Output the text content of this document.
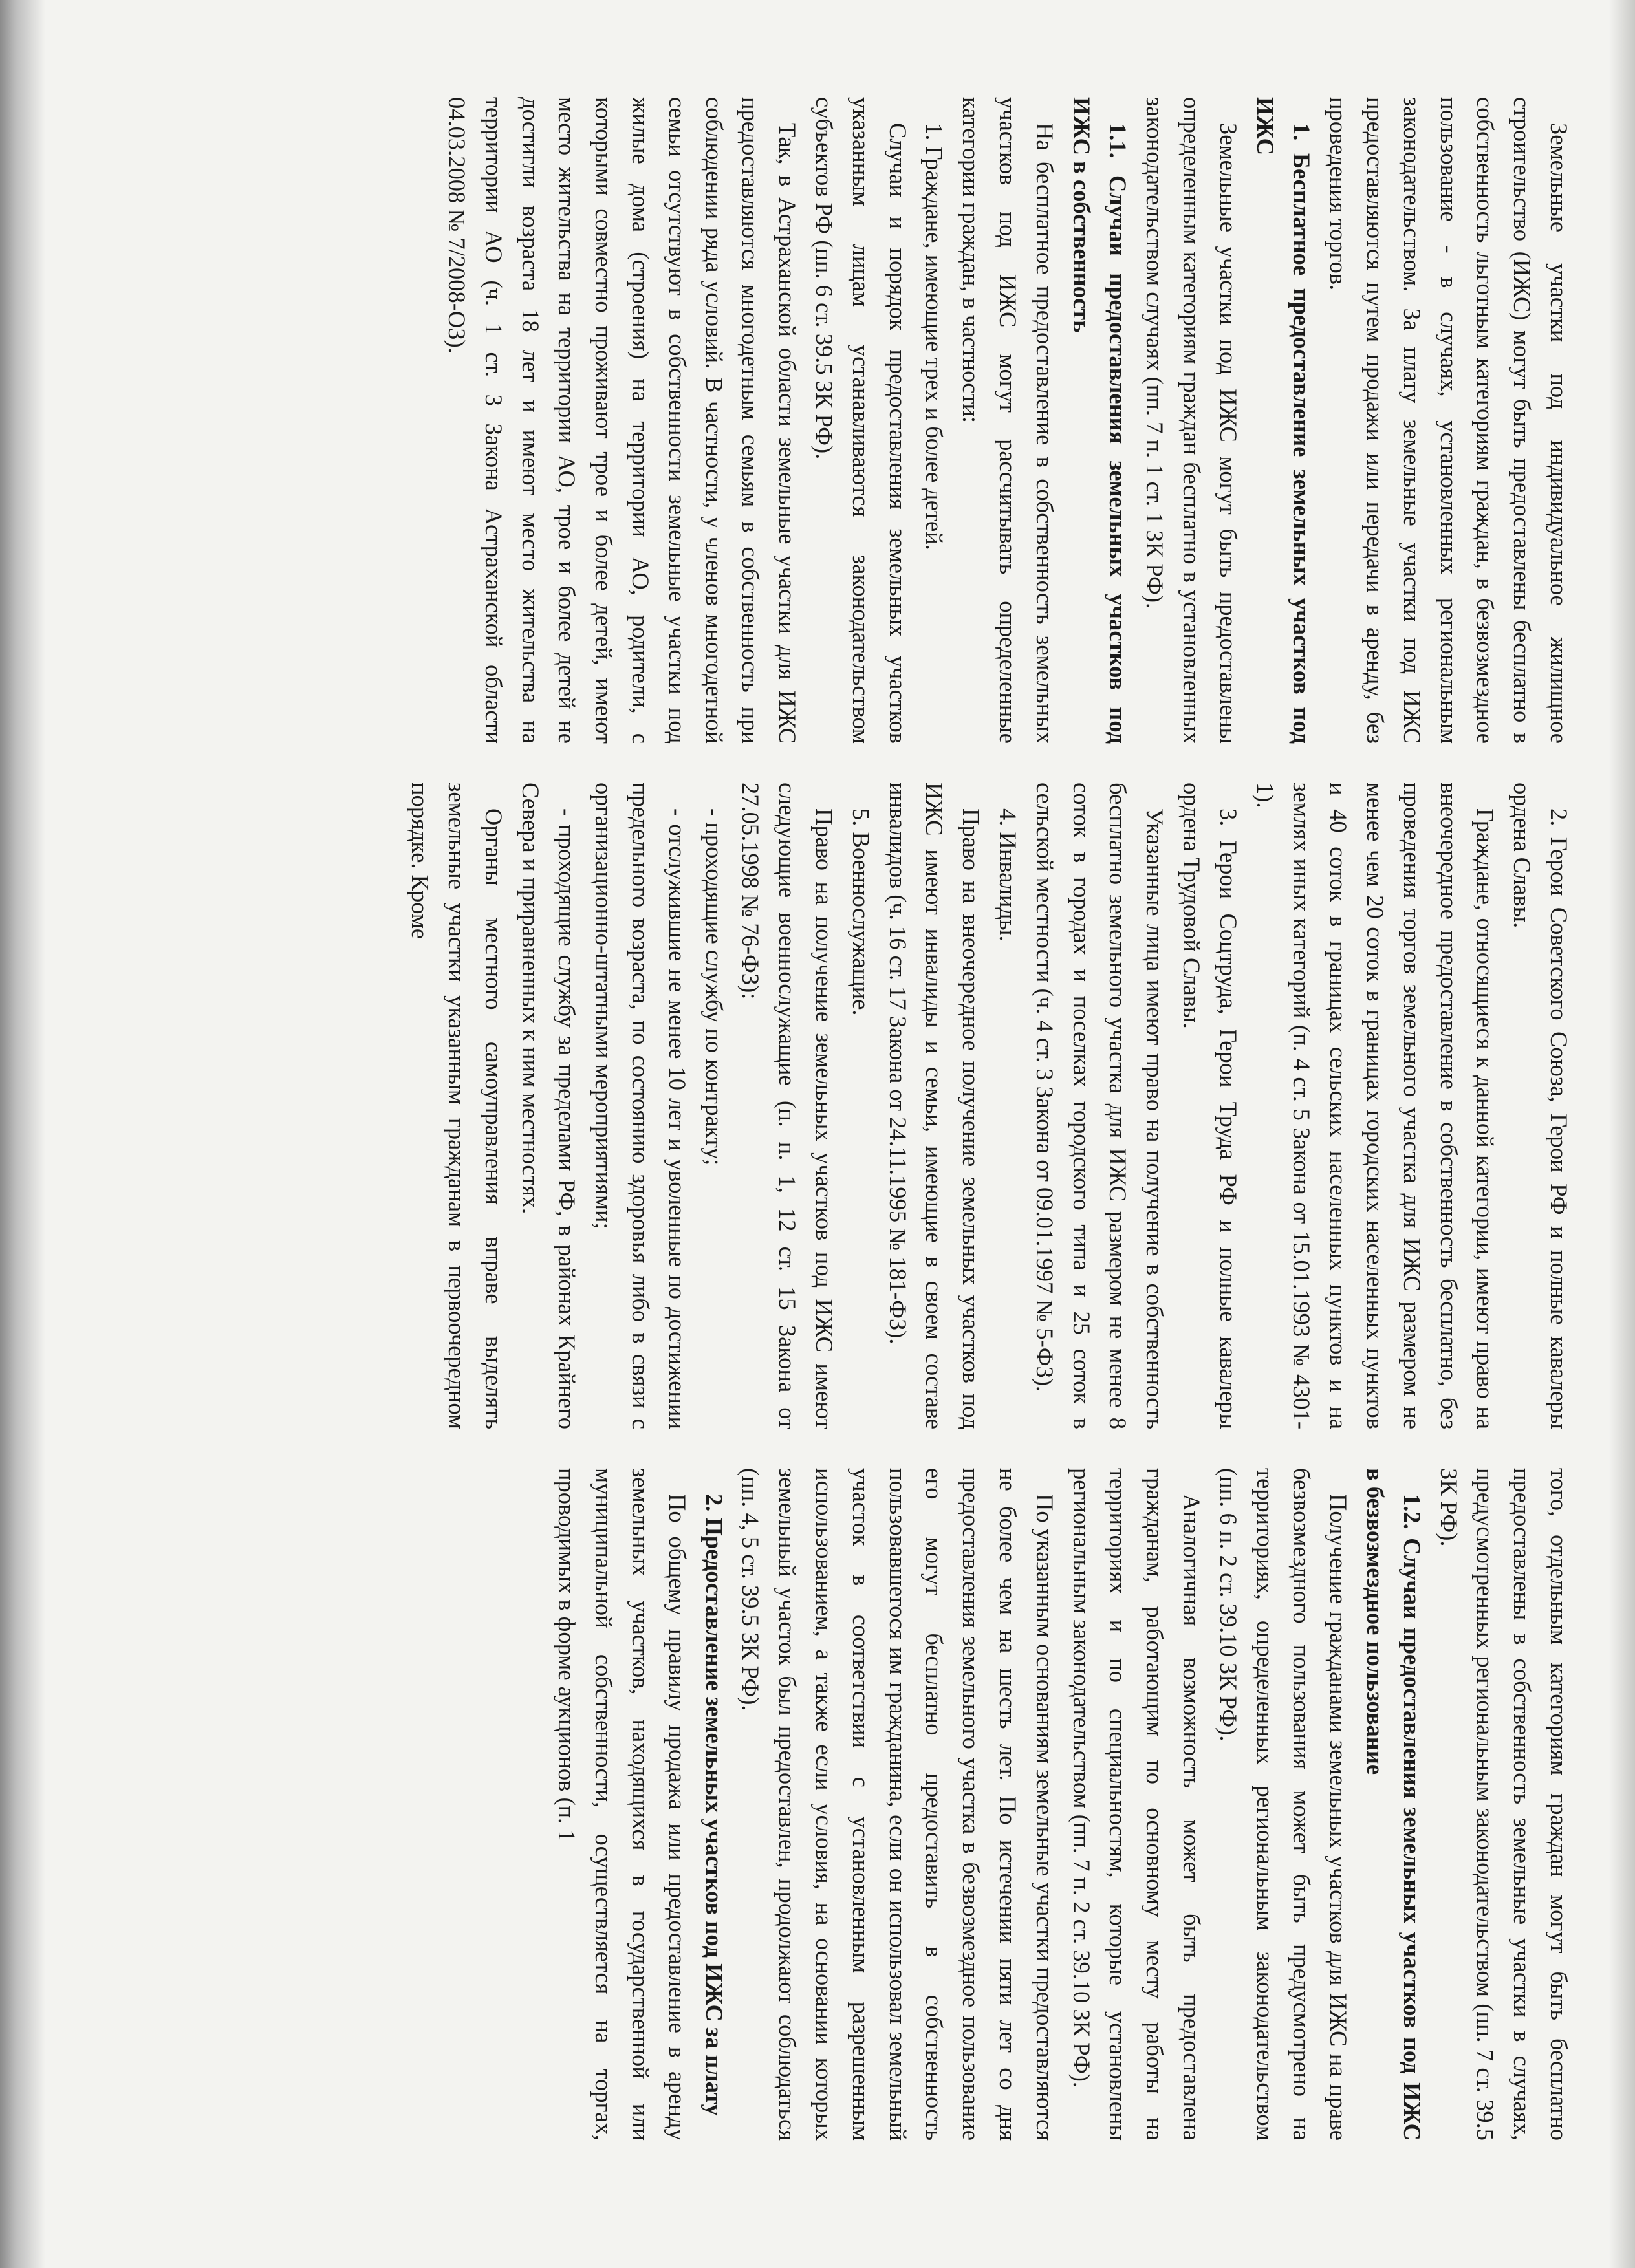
Земельные участки под индивидуальное жилищное строительство (ИЖС) могут быть предоставлены бесплатно в собственность льготным категориям граждан, в безвозмездное пользование - в случаях, установленных региональным законодательством. За плату земельные участки под ИЖС предоставляются путем продажи или передачи в аренду, без проведения торгов.

1. Бесплатное предоставление земельных участков под ИЖС

Земельные участки под ИЖС могут быть предоставлены определенным категориям граждан бесплатно в установленных законодательством случаях (пп. 7 п. 1 ст. 1 ЗК РФ).

1.1. Случаи предоставления земельных участков под ИЖС в собственность

На бесплатное предоставление в собственность земельных участков под ИЖС могут рассчитывать определенные категории граждан, в частности:

1. Граждане, имеющие трех и более детей.

Случаи и порядок предоставления земельных участков указанным лицам устанавливаются законодательством субъектов РФ (пп. 6 ст. 39.5 ЗК РФ).

Так, в Астраханской области земельные участки для ИЖС предоставляются многодетным семьям в собственность при соблюдении ряда условий. В частности, у членов многодетной семьи отсутствуют в собственности земельные участки под жилые дома (строения) на территории АО, родители, с которыми совместно проживают трое и более детей, имеют место жительства на территории АО, трое и более детей не достигли возраста 18 лет и имеют место жительства на территории АО (ч. 1 ст. 3 Закона Астраханской области 04.03.2008 № 7/2008-ОЗ).

2. Герои Советского Союза, Герои РФ и полные кавалеры ордена Славы.

Граждане, относящиеся к данной категории, имеют право на внеочередное предоставление в собственность бесплатно, без проведения торгов земельного участка для ИЖС размером не менее чем 20 соток в границах городских населенных пунктов и 40 соток в границах сельских населенных пунктов и на землях иных категорий (п. 4 ст. 5 Закона от 15.01.1993 № 4301-1).

3. Герои Соцтруда, Герои Труда РФ и полные кавалеры ордена Трудовой Славы.

Указанные лица имеют право на получение в собственность бесплатно земельного участка для ИЖС размером не менее 8 соток в городах и поселках городского типа и 25 соток в сельской местности (ч. 4 ст. 3 Закона от 09.01.1997 № 5-ФЗ).

4. Инвалиды.

Право на внеочередное получение земельных участков под ИЖС имеют инвалиды и семьи, имеющие в своем составе инвалидов (ч. 16 ст. 17 Закона от 24.11.1995 № 181-ФЗ).

5. Военнослужащие.

Право на получение земельных участков под ИЖС имеют следующие военнослужащие (п. п. 1, 12 ст. 15 Закона от 27.05.1998 № 76-ФЗ):

- проходящие службу по контракту;

- отслужившие не менее 10 лет и уволенные по достижении предельного возраста, по состоянию здоровья либо в связи с организационно-штатными мероприятиями;

- проходящие службу за пределами РФ, в районах Крайнего Севера и приравненных к ним местностях.

Органы местного самоуправления вправе выделять земельные участки указанным гражданам в первоочередном порядке. Кроме

того, отдельным категориям граждан могут быть бесплатно предоставлены в собственность земельные участки в случаях, предусмотренных региональным законодательством (пп. 7 ст. 39.5 ЗК РФ).

1.2. Случаи предоставления земельных участков под ИЖС в безвозмездное пользование

Получение гражданами земельных участков для ИЖС на праве безвозмездного пользования может быть предусмотрено на территориях, определенных региональным законодательством (пп. 6 п. 2 ст. 39.10 ЗК РФ).

Аналогичная возможность может быть предоставлена гражданам, работающим по основному месту работы на территориях и по специальностям, которые установлены региональным законодательством (пп. 7 п. 2 ст. 39.10 ЗК РФ).

По указанным основаниям земельные участки предоставляются не более чем на шесть лет. По истечении пяти лет со дня предоставления земельного участка в безвозмездное пользование его могут бесплатно предоставить в собственность пользовавшегося им гражданина, если он использовал земельный участок в соответствии с установленным разрешенным использованием, а также если условия, на основании которых земельный участок был предоставлен, продолжают соблюдаться (пп. 4, 5 ст. 39.5 ЗК РФ).

2. Предоставление земельных участков под ИЖС за плату

По общему правилу продажа или предоставление в аренду земельных участков, находящихся в государственной или муниципальной собственности, осуществляется на торгах, проводимых в форме аукционов (п. 1
